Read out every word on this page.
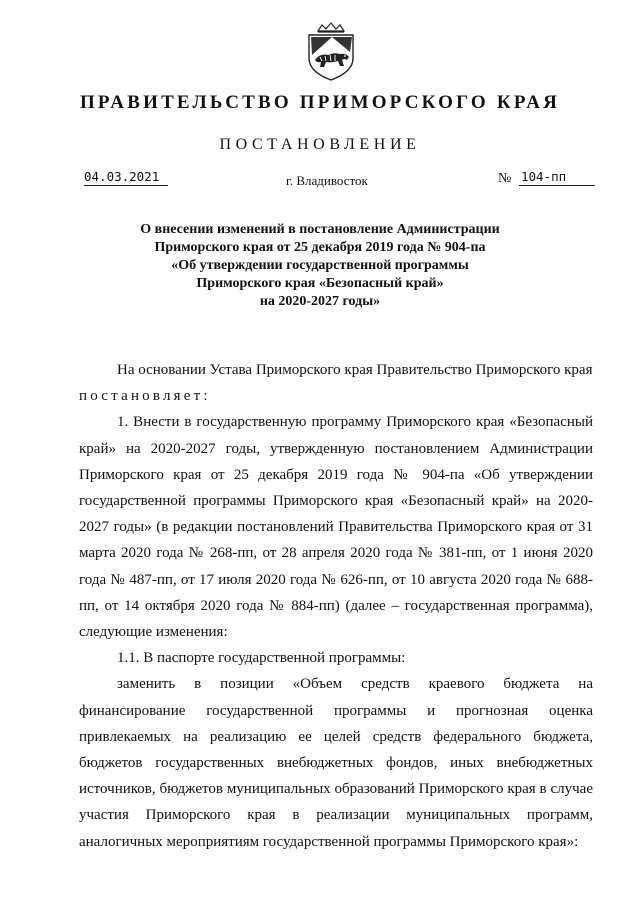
ПРАВИТЕЛЬСТВО ПРИМОРСКОГО КРАЯ
ПОСТАНОВЛЕНИЕ
04.03.2021	г. Владивосток	№ 104-пп
О внесении изменений в постановление Администрации
Приморского края от 25 декабря 2019 года № 904-па
«Об утверждении государственной программы
Приморского края «Безопасный край»
на 2020-2027 годы»

На основании Устава Приморского края Правительство Приморского края

постановляет:

1. Внести в государственную программу Приморского края «Безопасный край» на 2020-2027 годы, утвержденную постановлением Администрации Приморского края от 25 декабря 2019 года № 904-па «Об утверждении государственной программы Приморского края «Безопасный край» на 2020-2027 годы» (в редакции постановлений Правительства Приморского края от 31 марта 2020 года № 268-пп, от 28 апреля 2020 года № 381-пп, от 1 июня 2020 года № 487-пп, от 17 июля 2020 года № 626-пп, от 10 августа 2020 года № 688-пп, от 14 октября 2020 года № 884-пп) (далее – государственная программа), следующие изменения:

1.1. В паспорте государственной программы:

заменить в позиции «Объем средств краевого бюджета на финансирование государственной программы и прогнозная оценка привлекаемых на реализацию ее целей средств федерального бюджета, бюджетов государственных внебюджетных фондов, иных внебюджетных источников, бюджетов муниципальных образований Приморского края в случае участия Приморского края в реализации муниципальных программ, аналогичных мероприятиям государственной программы Приморского края»:
